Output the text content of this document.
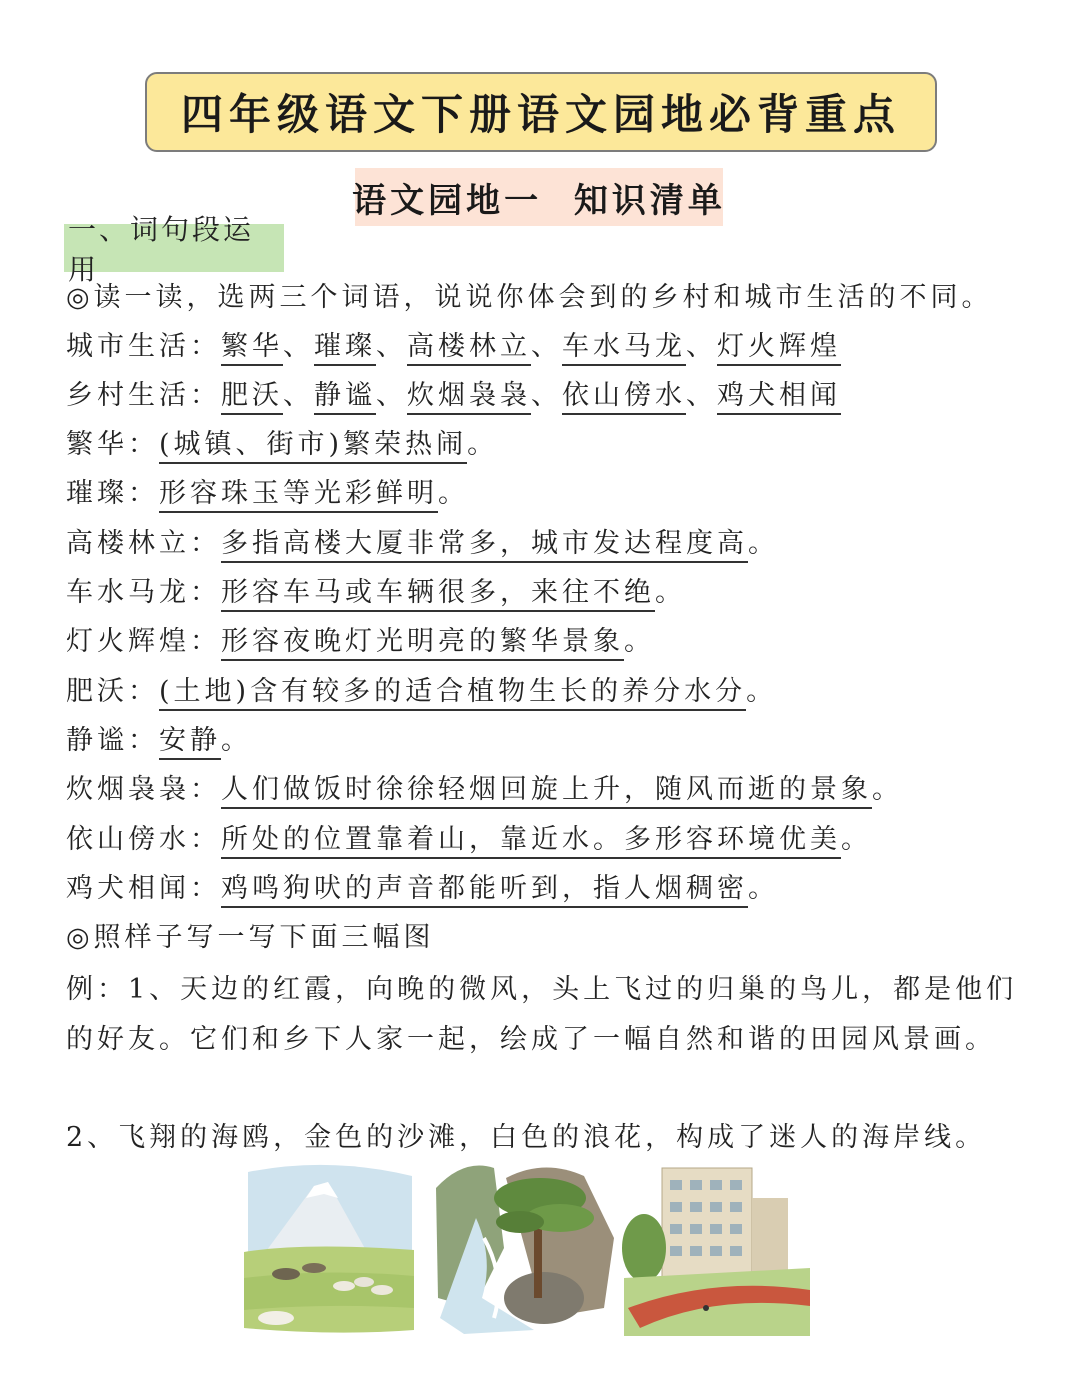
四年级语文下册语文园地必背重点
语文园地一  知识清单
一、词句段运用
◎读一读，选两三个词语，说说你体会到的乡村和城市生活的不同。
城市生活：繁华、璀璨、高楼林立、车水马龙、灯火辉煌
乡村生活：肥沃、静谧、炊烟袅袅、依山傍水、鸡犬相闻
繁华：(城镇、街市)繁荣热闹。
璀璨：形容珠玉等光彩鲜明。
高楼林立：多指高楼大厦非常多，城市发达程度高。
车水马龙：形容车马或车辆很多，来往不绝。
灯火辉煌：形容夜晚灯光明亮的繁华景象。
肥沃：(土地)含有较多的适合植物生长的养分水分。
静谧：安静。
炊烟袅袅：人们做饭时徐徐轻烟回旋上升，随风而逝的景象。
依山傍水：所处的位置靠着山，靠近水。多形容环境优美。
鸡犬相闻：鸡鸣狗吠的声音都能听到，指人烟稠密。
◎照样子写一写下面三幅图
例：1、天边的红霞，向晚的微风，头上飞过的归巢的鸟儿，都是他们的好友。它们和乡下人家一起，绘成了一幅自然和谐的田园风景画。
2、飞翔的海鸥，金色的沙滩，白色的浪花，构成了迷人的海岸线。
